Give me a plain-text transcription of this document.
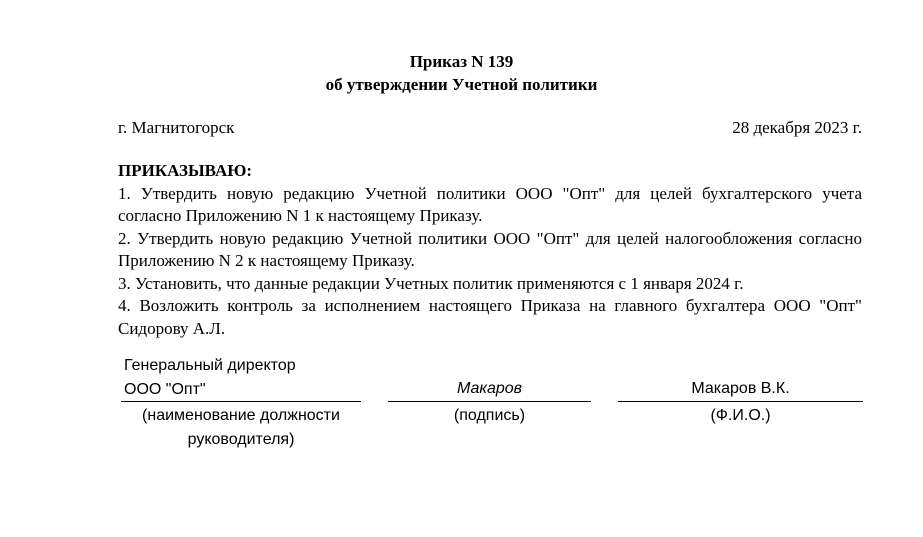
Приказ N 139
об утверждении Учетной политики
г. Магнитогорск	28 декабря 2023 г.

ПРИКАЗЫВАЮ:

1. Утвердить новую редакцию Учетной политики ООО "Опт" для целей бухгалтерского учета согласно Приложению N 1 к настоящему Приказу.

2. Утвердить новую редакцию Учетной политики ООО "Опт" для целей налогообложения согласно Приложению N 2 к настоящему Приказу.

3. Установить, что данные редакции Учетных политик применяются с 1 января 2024 г.

4. Возложить контроль за исполнением настоящего Приказа на главного бухгалтера ООО "Опт" Сидорову А.Л.

Генеральный директор
ООО "Опт"
(наименование должности
руководителя)
Макаров
(подпись)
Макаров В.К.
(Ф.И.О.)
